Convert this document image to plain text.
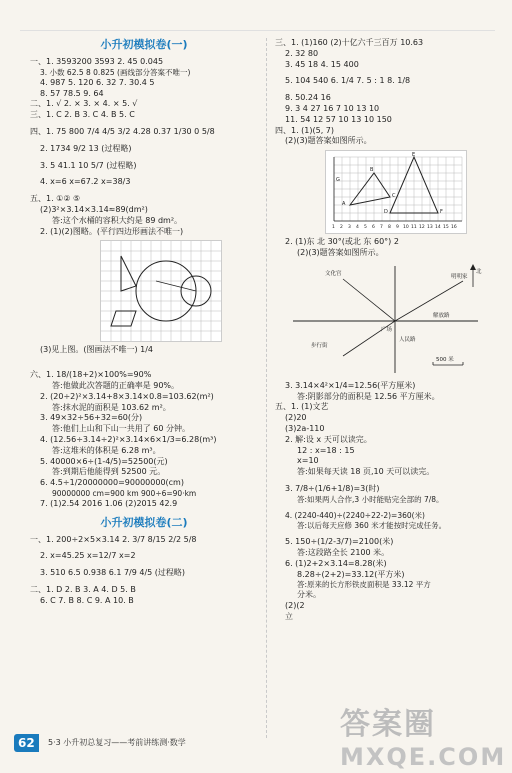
小升初模拟卷(一)
一、1. 3593200 3593 2. 45 0.045
3. 小数 62.5 8 0.825 (画线部分答案不唯一)
4. 987 5. 120 6. 32 7. 30.4 5
8. 57 78.5 9. 64
二、1. √ 2. × 3. × 4. × 5. √
三、1. C 2. B 3. C 4. B 5. C
四、1. 75 800 7/4 4/5 3/2 4.28 0.37 1/30 0 5/8
2. 1734 9/2 13 (过程略)
3. 5 41.1 10 5/7 (过程略)
4. x=6 x=67.2 x=38/3
五、1. ①② ⑤
(2)3²×3.14×3.14≈89(dm²)
答:这个水桶的容积大约是 89 dm²。
2. (1)(2)图略。(平行四边形画法不唯一)
(3)见上图。(图画法不唯一) 1/4
六、1. 18/(18+2)×100%=90%
答:他做此次答题的正确率是 90%。
2. (20÷2)²×3.14+8×3.14×0.8=103.62(m²)
答:抹水泥的面积是 103.62 m²。
3. 49×32÷56+32=60(分)
答:他们上山和下山一共用了 60 分钟。
4. (12.56÷3.14÷2)²×3.14×6×1/3=6.28(m³)
答:这堆米的体积是 6.28 m³。
5. 40000×6÷(1-4/5)=52500(元)
答:到期后他能得到 52500 元。
6. 4.5÷1/20000000=90000000(cm)
90000000 cm=900 km 900÷6=90·km
7. (1)2.54 2016 1.06 (2)2015 42.9
小升初模拟卷(二)
一、1. 200÷2×5×3.14 2. 3/7 8/15 2/2 5/8
2. x=45.25 x=12/7 x=2
3. 510 6.5 0.938 6.1 7/9 4/5 (过程略)
二、1. D 2. B 3. A 4. D 5. B
6. C 7. B 8. C 9. A 10. B
三、1. (1)160 (2)十亿六千三百万 10.63
2. 32 80
3. 45 18 4. 15 400
5. 104 540 6. 1/4 7. 5 : 1 8. 1/8
8. 50.24 16
9. 3 4 27 16 7 10 13 10
11. 54 12 57 10 13 10 150
四、1. (1)(5, 7)
(2)(3)题答案如图所示。
A
B
C
D
E
F
G
1 2 3 4 5 6 7 8 9 10 11 12 13 14 15 16
2. (1)东 北 30°(或北 东 60°) 2
(2)(3)题答案如图所示。
北
文化宫	明明家
解放路
广场
步行街
人民路
500 米
3. 3.14×4²×1/4=12.56(平方厘米)
答:阴影部分的面积是 12.56 平方厘米。
五、1. (1)文艺
(2)20
(3)2a-110
2. 解:设 x 天可以读完。
12 : x=18 : 15
x=10
答:如果每天读 18 页,10 天可以读完。
3. 7/8÷(1/6+1/8)=3(时)
答:如果两人合作,3 小时能贴完全部的 7/8。
4. (2240-440)÷(2240÷22-2)=360(米)
答:以后每天应修 360 米才能按时完成任务。
5. 150÷(1/2-3/7)=2100(米)
答:这段路全长 2100 米。
6. (1)2+2×3.14=8.28(米)
8.28÷(2+2)=33.12(平方米)
答:原来的长方形铁皮面积是 33.12 平方
分米。
(2)(2
立
62	5·3 小升初总复习——考前讲练测·数学
答案圈
MXQE.COM
